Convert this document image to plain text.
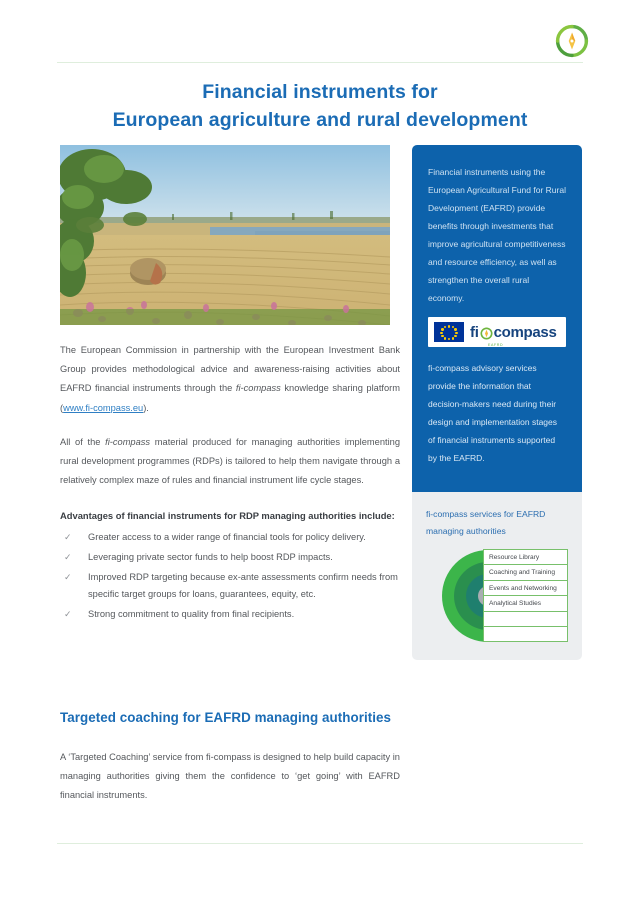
Financial instruments for
European agriculture and rural development

The European Commission in partnership with the European Investment Bank Group provides methodological advice and awareness-raising activities about EAFRD financial instruments through the fi-compass knowledge sharing platform (www.fi-compass.eu).

All of the fi-compass material produced for managing authorities implementing rural development programmes (RDPs) is tailored to help them navigate through a relatively complex maze of rules and financial instrument life cycle stages.

Advantages of financial instruments for RDP managing authorities include:

✓ Greater access to a wider range of financial tools for policy delivery.
✓ Leveraging private sector funds to help boost RDP impacts.
✓ Improved RDP targeting because ex-ante assessments confirm needs from specific target groups for loans, guarantees, equity, etc.
✓ Strong commitment to quality from final recipients.
Targeted coaching for EAFRD managing authorities

A ‘Targeted Coaching’ service from fi-compass is designed to help build capacity in managing authorities giving them the confidence to ‘get going’ with EAFRD financial instruments.

Financial instruments using the European Agricultural Fund for Rural Development (EAFRD) provide benefits through investments that improve agricultural competitiveness and resource efficiency, as well as strengthen the overall rural economy.

fi compass
EAFRD

fi-compass advisory services provide the information that decision-makers need during their design and implementation stages of financial instruments supported by the EAFRD.

fi-compass services for EAFRD managing authorities

Resource Library
Coaching and Training
Events and Networking
Analytical Studies
